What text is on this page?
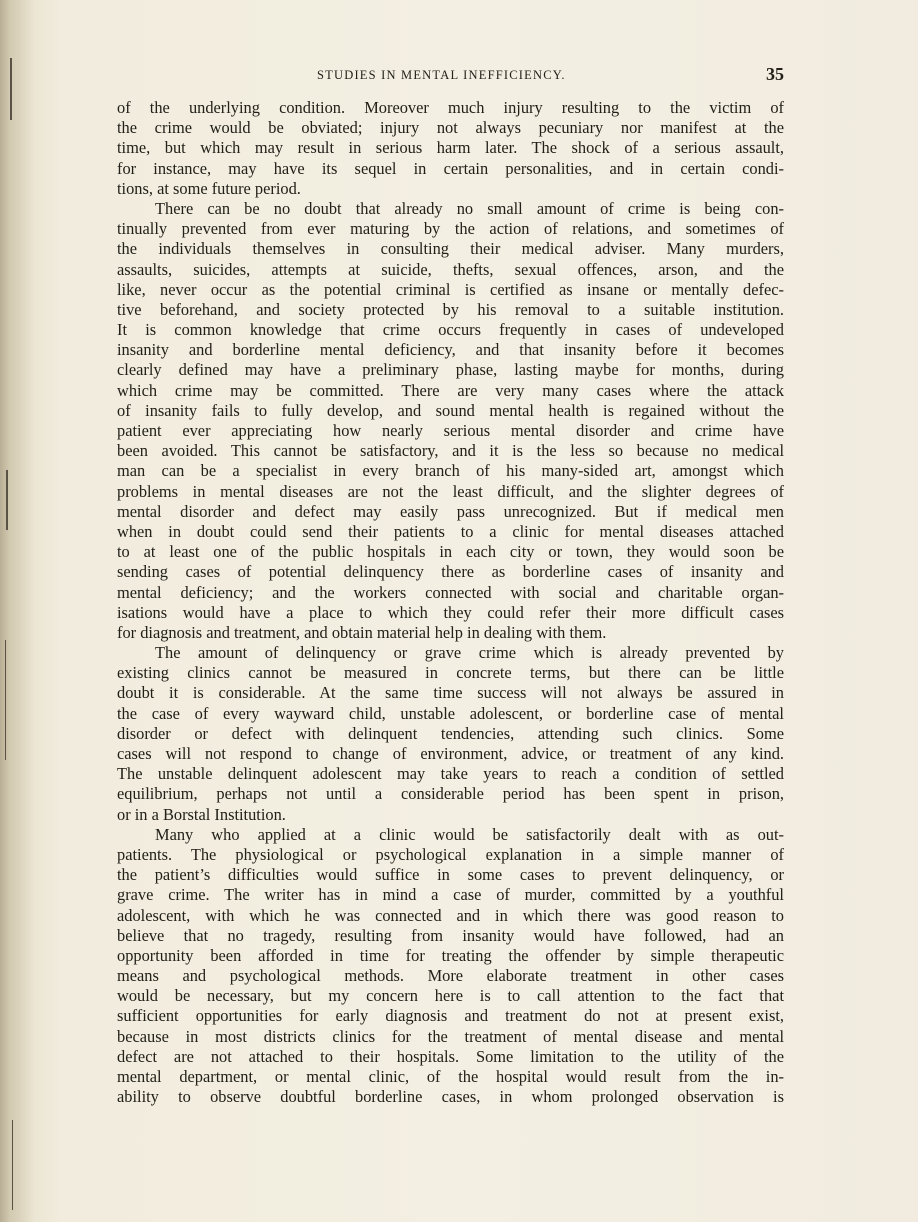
STUDIES IN MENTAL INEFFICIENCY.	35
of the underlying condition. Moreover much injury resulting to the victim of
the crime would be obviated; injury not always pecuniary nor manifest at the
time, but which may result in serious harm later. The shock of a serious assault,
for instance, may have its sequel in certain personalities, and in certain condi-
tions, at some future period.
There can be no doubt that already no small amount of crime is being con-
tinually prevented from ever maturing by the action of relations, and sometimes of
the individuals themselves in consulting their medical adviser. Many murders,
assaults, suicides, attempts at suicide, thefts, sexual offences, arson, and the
like, never occur as the potential criminal is certified as insane or mentally defec-
tive beforehand, and society protected by his removal to a suitable institution.
It is common knowledge that crime occurs frequently in cases of undeveloped
insanity and borderline mental deficiency, and that insanity before it becomes
clearly defined may have a preliminary phase, lasting maybe for months, during
which crime may be committed. There are very many cases where the attack
of insanity fails to fully develop, and sound mental health is regained without the
patient ever appreciating how nearly serious mental disorder and crime have
been avoided. This cannot be satisfactory, and it is the less so because no medical
man can be a specialist in every branch of his many-sided art, amongst which
problems in mental diseases are not the least difficult, and the slighter degrees of
mental disorder and defect may easily pass unrecognized. But if medical men
when in doubt could send their patients to a clinic for mental diseases attached
to at least one of the public hospitals in each city or town, they would soon be
sending cases of potential delinquency there as borderline cases of insanity and
mental deficiency; and the workers connected with social and charitable organ-
isations would have a place to which they could refer their more difficult cases
for diagnosis and treatment, and obtain material help in dealing with them.
The amount of delinquency or grave crime which is already prevented by
existing clinics cannot be measured in concrete terms, but there can be little
doubt it is considerable. At the same time success will not always be assured in
the case of every wayward child, unstable adolescent, or borderline case of mental
disorder or defect with delinquent tendencies, attending such clinics. Some
cases will not respond to change of environment, advice, or treatment of any kind.
The unstable delinquent adolescent may take years to reach a condition of settled
equilibrium, perhaps not until a considerable period has been spent in prison,
or in a Borstal Institution.
Many who applied at a clinic would be satisfactorily dealt with as out-
patients. The physiological or psychological explanation in a simple manner of
the patient’s difficulties would suffice in some cases to prevent delinquency, or
grave crime. The writer has in mind a case of murder, committed by a youthful
adolescent, with which he was connected and in which there was good reason to
believe that no tragedy, resulting from insanity would have followed, had an
opportunity been afforded in time for treating the offender by simple therapeutic
means and psychological methods. More elaborate treatment in other cases
would be necessary, but my concern here is to call attention to the fact that
sufficient opportunities for early diagnosis and treatment do not at present exist,
because in most districts clinics for the treatment of mental disease and mental
defect are not attached to their hospitals. Some limitation to the utility of the
mental department, or mental clinic, of the hospital would result from the in-
ability to observe doubtful borderline cases, in whom prolonged observation is
